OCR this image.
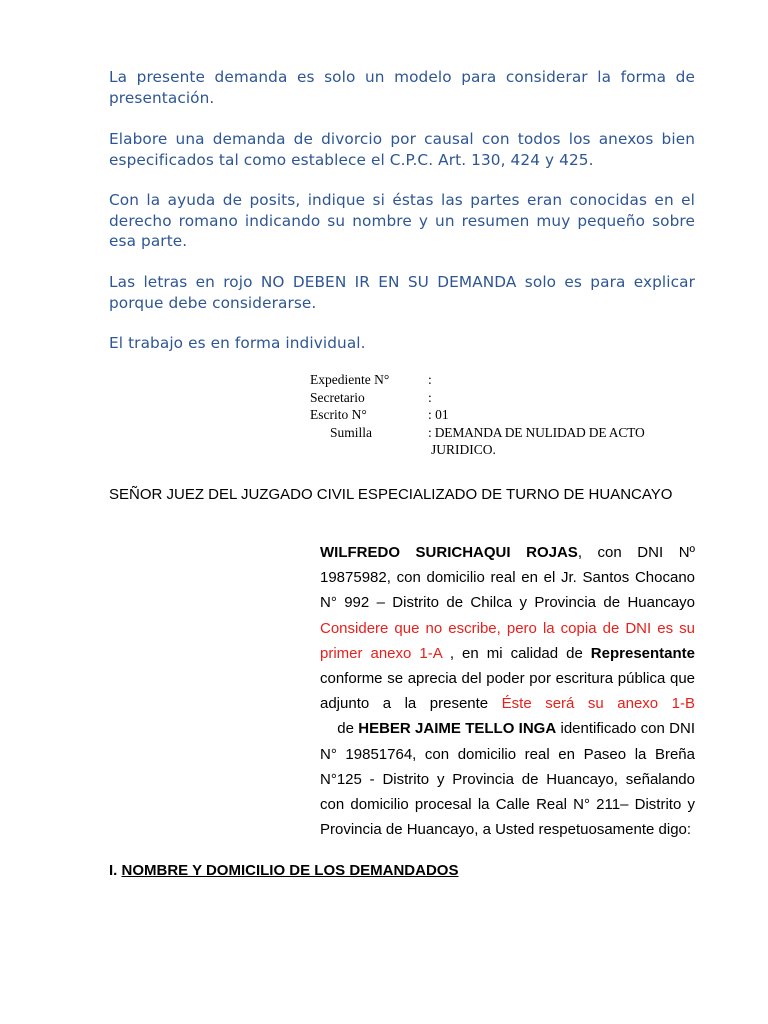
La presente demanda es solo un modelo para considerar la forma de presentación.

Elabore una demanda de divorcio por causal con todos los anexos bien especificados tal como establece el C.P.C. Art. 130, 424 y 425.

Con la ayuda de posits, indique si éstas las partes eran conocidas en el derecho romano indicando su nombre y un resumen muy pequeño sobre esa parte.

Las letras en rojo NO DEBEN IR EN SU DEMANDA solo es para explicar porque debe considerarse.

El trabajo es en forma individual.

Expediente N°	:
Secretario	:
Escrito N°	: 01
Sumilla	: DEMANDA DE NULIDAD DE ACTO
JURIDICO.

SEÑOR JUEZ DEL JUZGADO CIVIL ESPECIALIZADO DE TURNO DE HUANCAYO

WILFREDO SURICHAQUI ROJAS, con DNI Nº 19875982, con domicilio real en el Jr. Santos Chocano N° 992 – Distrito de Chilca y Provincia de Huancayo Considere que no escribe, pero la copia de DNI es su primer anexo 1-A , en mi calidad de Representante conforme se aprecia del poder por escritura pública que adjunto a la presente Éste será su anexo 1-B    de HEBER JAIME TELLO INGA identificado con DNI N° 19851764, con domicilio real en Paseo la Breña N°125 - Distrito y Provincia de Huancayo, señalando con domicilio procesal la Calle Real N° 211– Distrito y Provincia de Huancayo, a Usted respetuosamente digo:

I. NOMBRE Y DOMICILIO DE LOS DEMANDADOS
